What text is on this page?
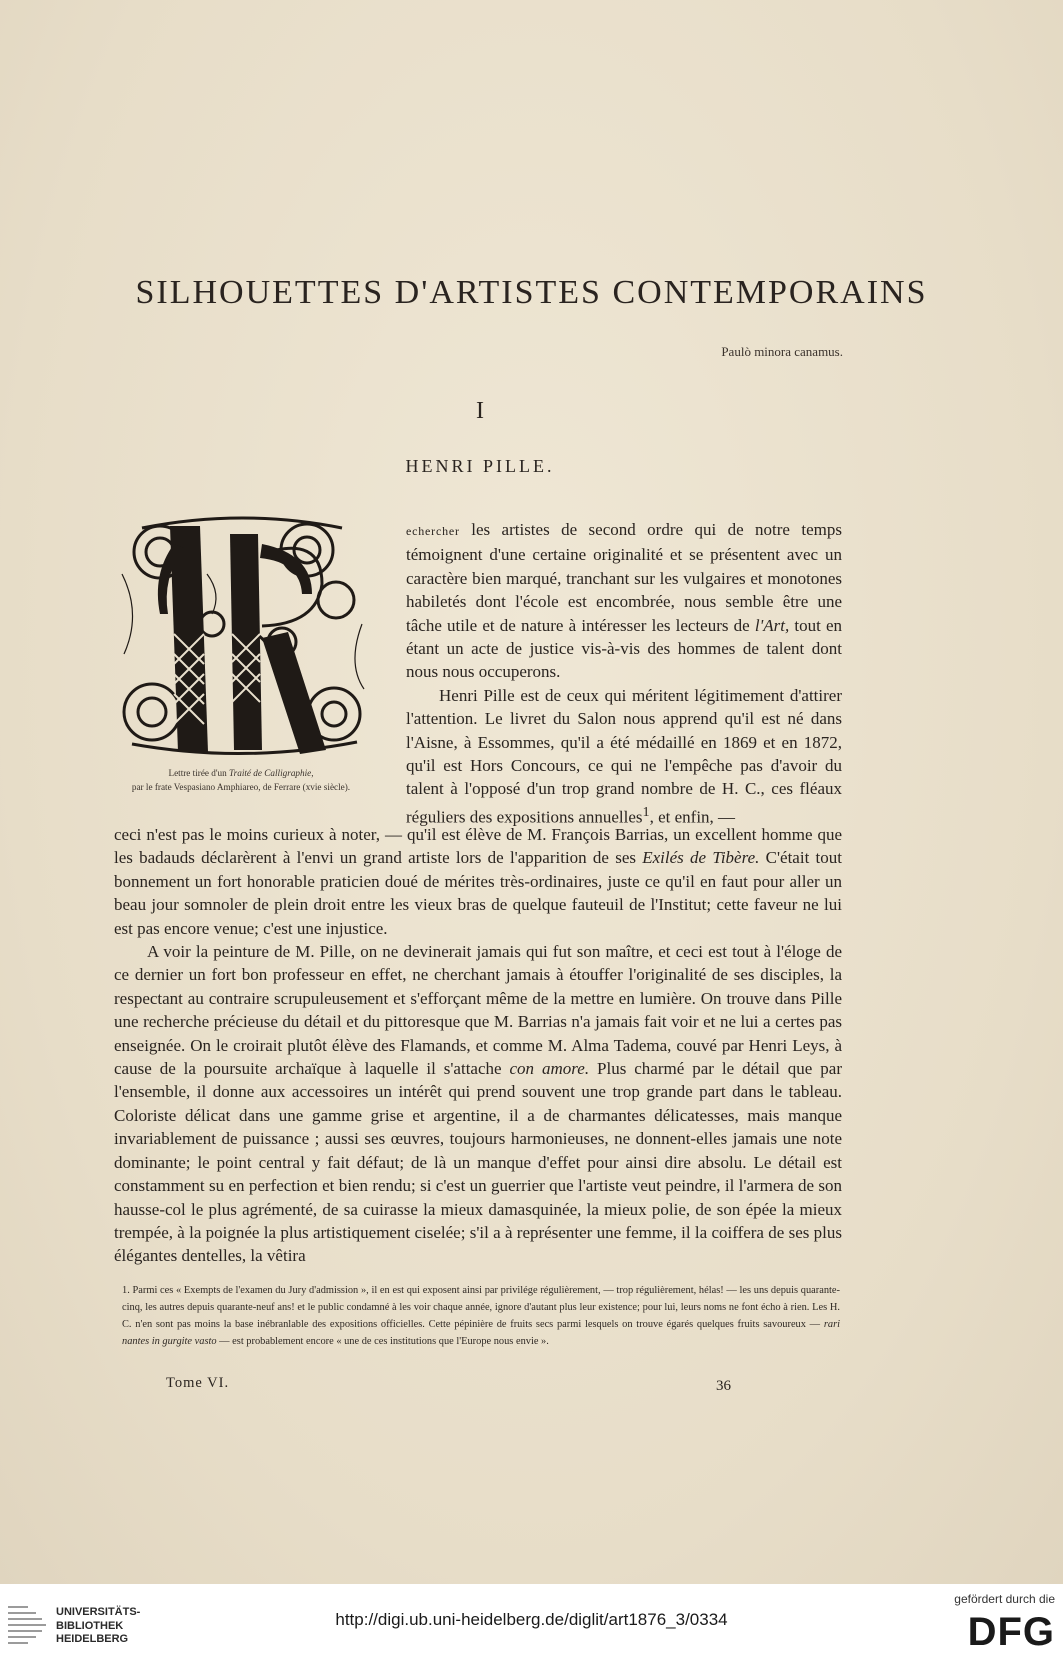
SILHOUETTES D'ARTISTES CONTEMPORAINS
Paulò minora canamus.
I
HENRI PILLE.
Lettre tirée d'un Traité de Calligraphie,
par le frate Vespasiano Amphiareo, de Ferrare (xvie siècle).

echercher les artistes de second ordre qui de notre temps témoignent d'une certaine originalité et se présentent avec un caractère bien marqué, tranchant sur les vulgaires et monotones habiletés dont l'école est encombrée, nous semble être une tâche utile et de nature à intéresser les lecteurs de l'Art, tout en étant un acte de justice vis-à-vis des hommes de talent dont nous nous occuperons.

Henri Pille est de ceux qui méritent légitimement d'attirer l'attention. Le livret du Salon nous apprend qu'il est né dans l'Aisne, à Essommes, qu'il a été médaillé en 1869 et en 1872, qu'il est Hors Concours, ce qui ne l'empêche pas d'avoir du talent à l'opposé d'un trop grand nombre de H. C., ces fléaux réguliers des expositions annuelles$^1$, et enfin, —

ceci n'est pas le moins curieux à noter, — qu'il est élève de M. François Barrias, un excellent homme que les badauds déclarèrent à l'envi un grand artiste lors de l'apparition de ses Exilés de Tibère. C'était tout bonnement un fort honorable praticien doué de mérites très-ordinaires, juste ce qu'il en faut pour aller un beau jour somnoler de plein droit entre les vieux bras de quelque fauteuil de l'Institut; cette faveur ne lui est pas encore venue; c'est une injustice.

A voir la peinture de M. Pille, on ne devinerait jamais qui fut son maître, et ceci est tout à l'éloge de ce dernier un fort bon professeur en effet, ne cherchant jamais à étouffer l'originalité de ses disciples, la respectant au contraire scrupuleusement et s'efforçant même de la mettre en lumière. On trouve dans Pille une recherche précieuse du détail et du pittoresque que M. Barrias n'a jamais fait voir et ne lui a certes pas enseignée. On le croirait plutôt élève des Flamands, et comme M. Alma Tadema, couvé par Henri Leys, à cause de la poursuite archaïque à laquelle il s'attache con amore. Plus charmé par le détail que par l'ensemble, il donne aux accessoires un intérêt qui prend souvent une trop grande part dans le tableau. Coloriste délicat dans une gamme grise et argentine, il a de charmantes délicatesses, mais manque invariablement de puissance ; aussi ses œuvres, toujours harmonieuses, ne donnent-elles jamais une note dominante; le point central y fait défaut; de là un manque d'effet pour ainsi dire absolu. Le détail est constamment su en perfection et bien rendu; si c'est un guerrier que l'artiste veut peindre, il l'armera de son hausse-col le plus agrémenté, de sa cuirasse la mieux damasquinée, la mieux polie, de son épée la mieux trempée, à la poignée la plus artistiquement ciselée; s'il a à représenter une femme, il la coiffera de ses plus élégantes dentelles, la vêtira

1. Parmi ces « Exempts de l'examen du Jury d'admission », il en est qui exposent ainsi par privilége régulièrement, — trop régulièrement, hélas! — les uns depuis quarante-cinq, les autres depuis quarante-neuf ans! et le public condamné à les voir chaque année, ignore d'autant plus leur existence; pour lui, leurs noms ne font écho à rien. Les H. C. n'en sont pas moins la base inébranlable des expositions officielles. Cette pépinière de fruits secs parmi lesquels on trouve égarés quelques fruits savoureux — rari nantes in gurgite vasto — est probablement encore « une de ces institutions que l'Europe nous envie ».

Tome VI.	36
UNIVERSITÄTS-
BIBLIOTHEK
HEIDELBERG
http://digi.ub.uni-heidelberg.de/diglit/art1876_3/0334
gefördert durch die
DFG
